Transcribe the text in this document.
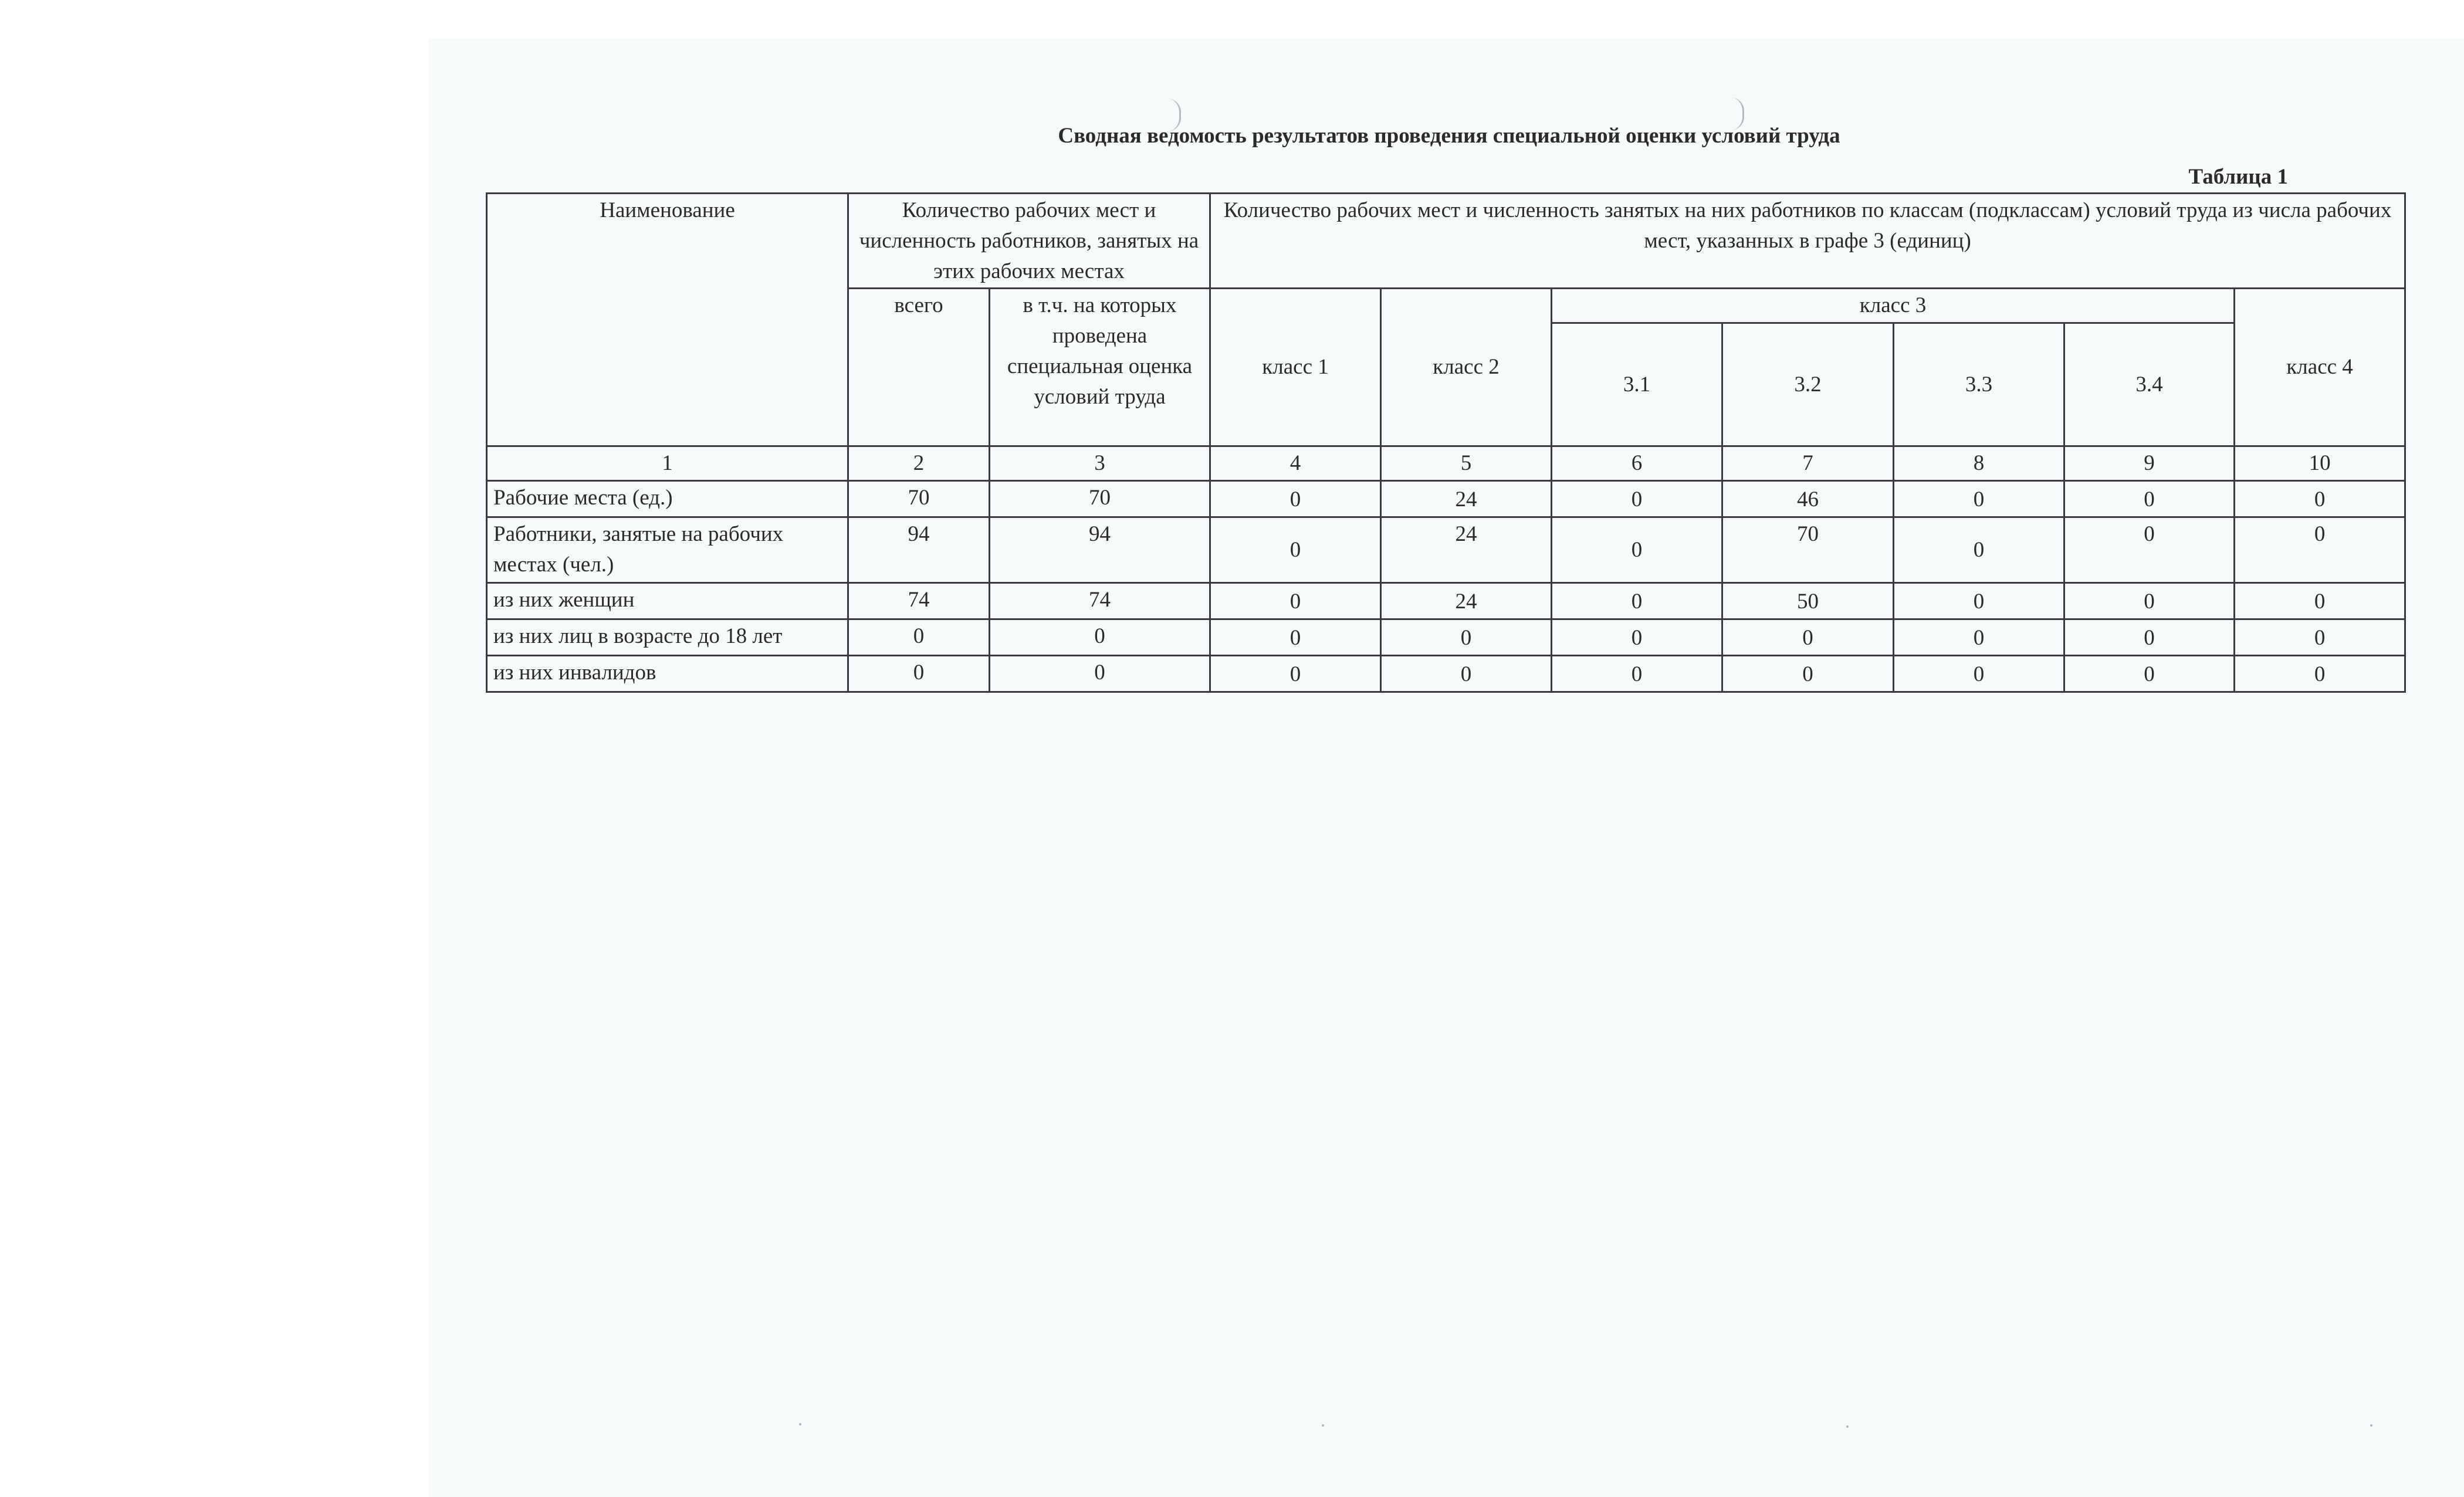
Сводная ведомость результатов проведения специальной оценки условий труда
Таблица 1
Наименование	Количество рабочих мест и численность работников, занятых на этих рабочих местах		Количество рабочих мест и численность занятых на них работников по классам (подклассам) условий труда из числа рабочих мест, указанных в графе 3 (единиц)						
	всего	в т.ч. на которых проведена специальная оценка условий труда	класс 1	класс 2	класс 3				класс 4
					3.1	3.2	3.3	3.4	
1	2	3	4	5	6	7	8	9	10
Рабочие места (ед.)	70	70	0	24	0	46	0	0	0
Работники, занятые на рабочих местах (чел.)	94	94	0	24	0	70	0	0	0
из них женщин	74	74	0	24	0	50	0	0	0
из них лиц в возрасте до 18 лет	0	0	0	0	0	0	0	0	0
из них инвалидов	0	0	0	0	0	0	0	0	0
